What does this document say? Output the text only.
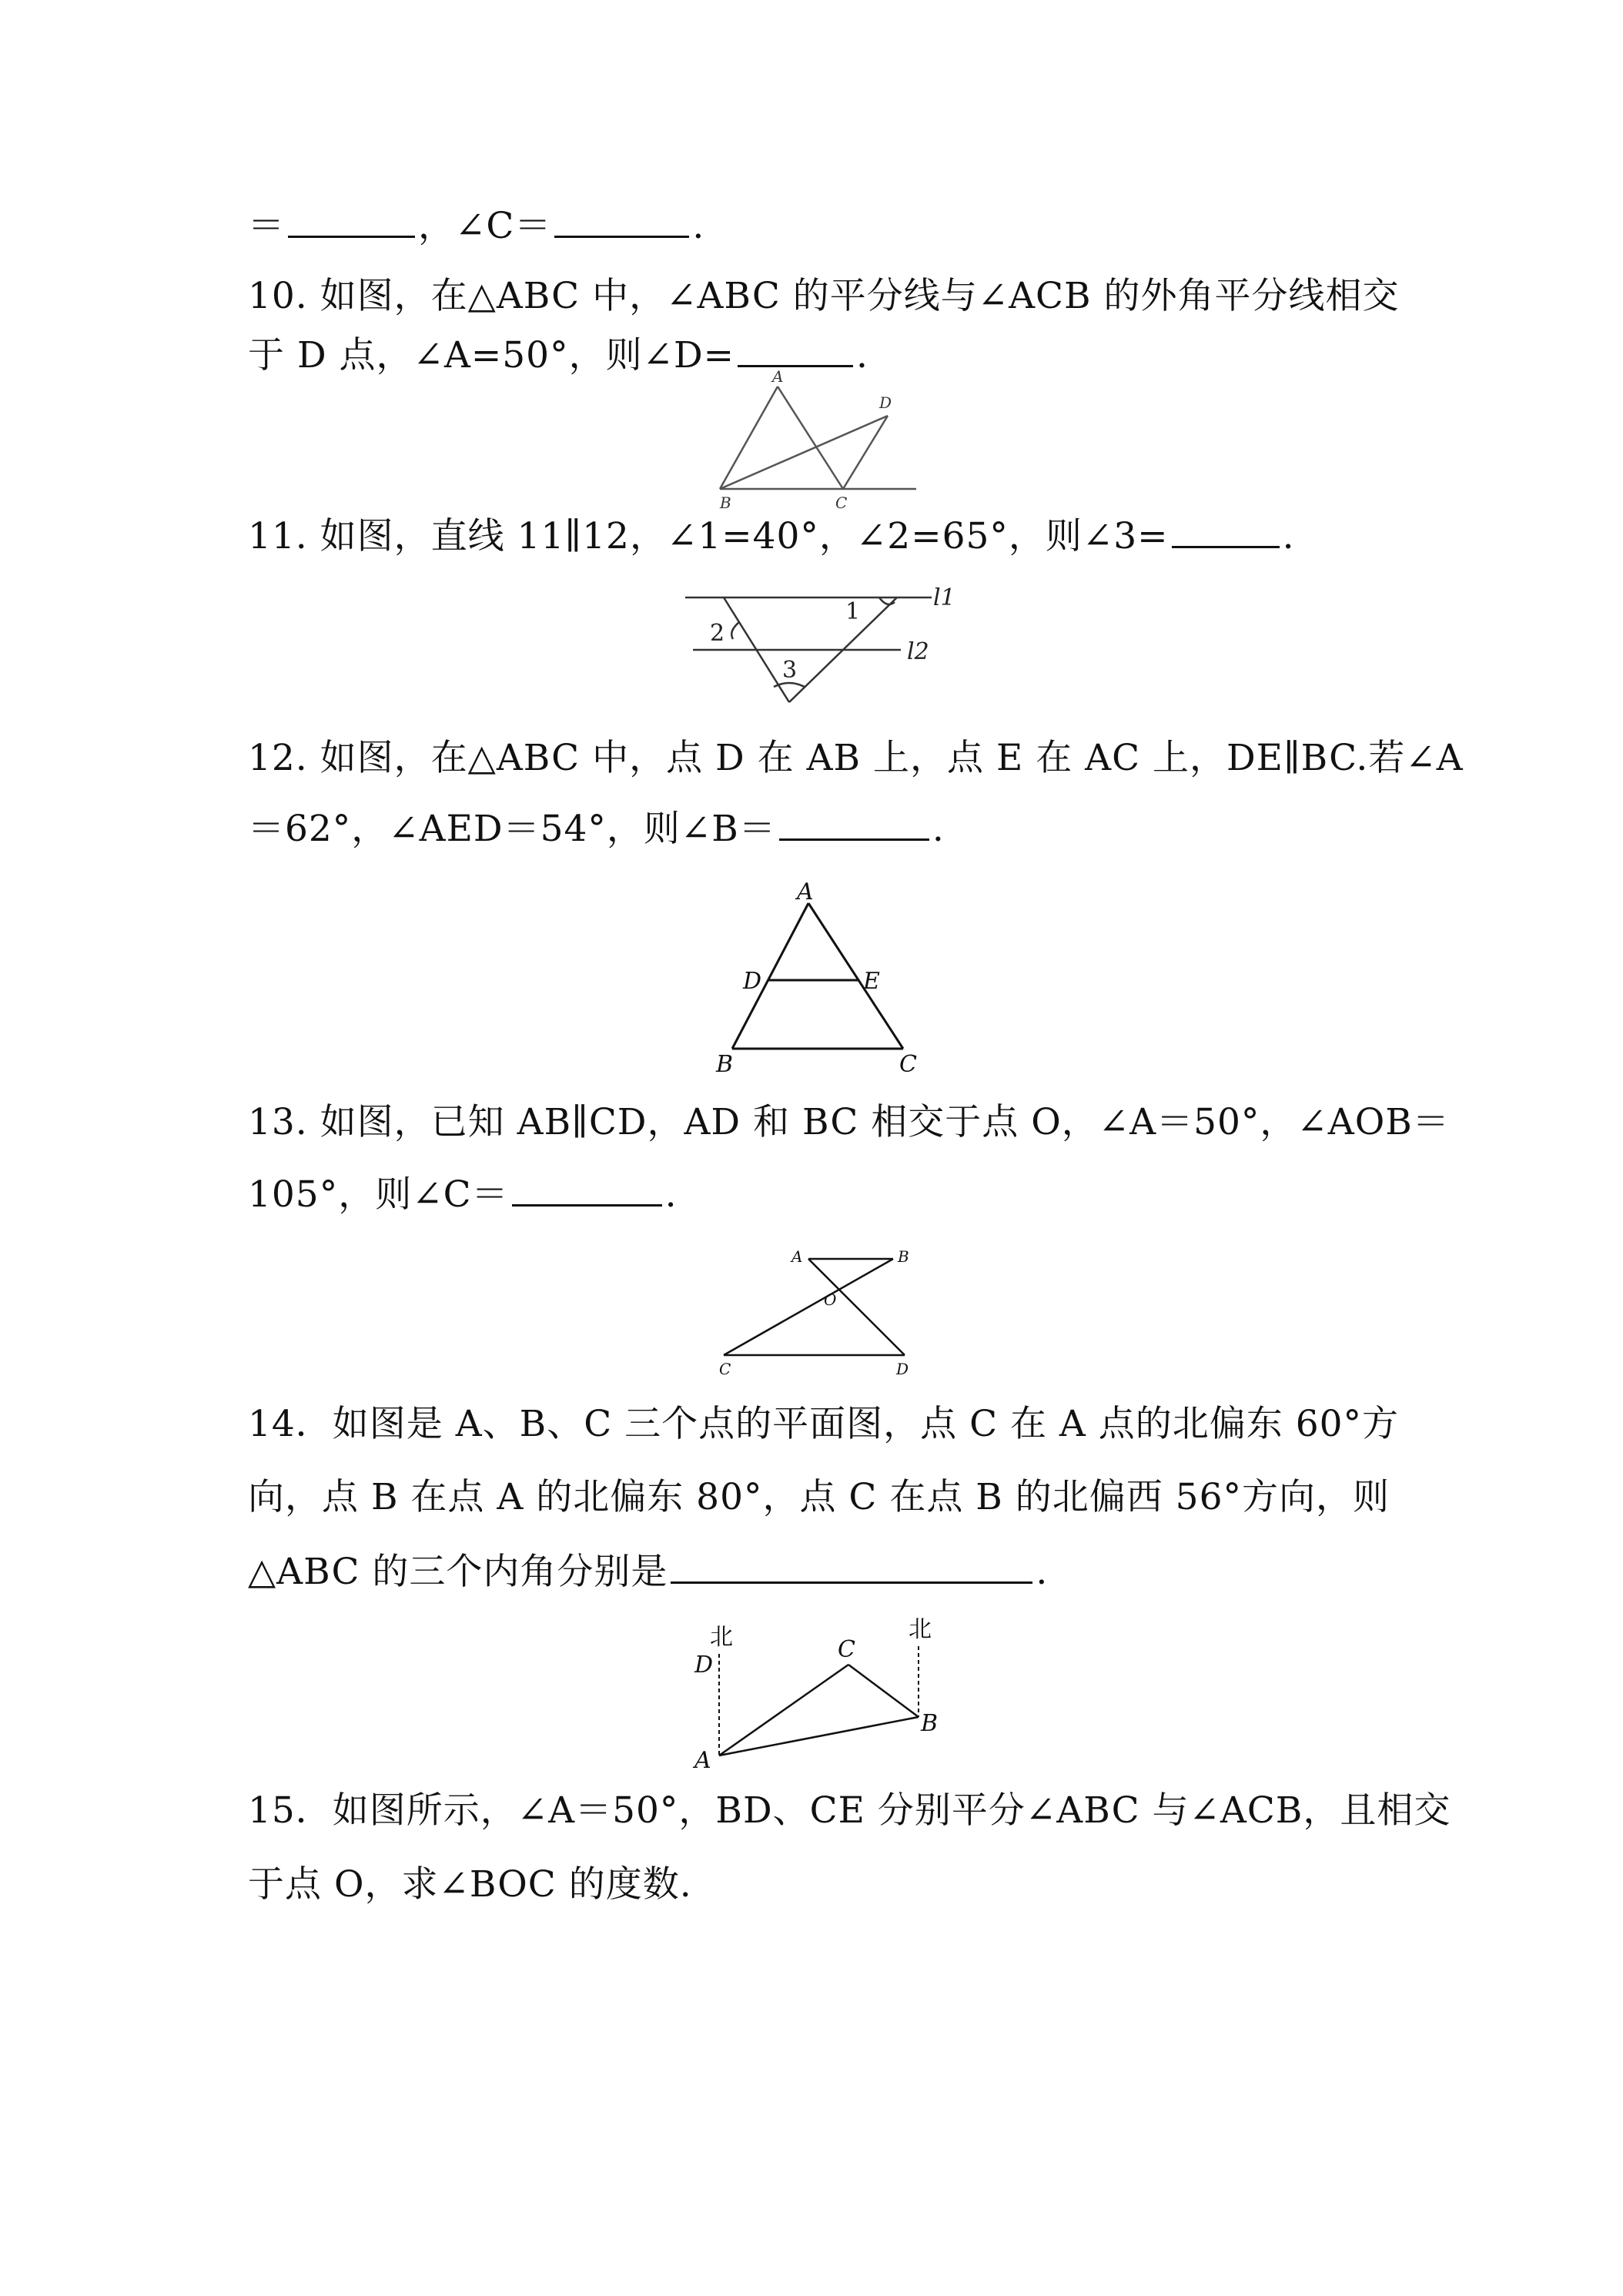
＝	，∠C＝	.
10. 如图，在△ABC 中，∠ABC 的平分线与∠ACB 的外角平分线相交
于 D 点，∠A=50°，则∠D=	.
A
B	C
D
11. 如图，直线 11∥12，∠1=40°，∠2=65°，则∠3=	.
l1
l2
1
2
3
12. 如图，在△ABC 中，点 D 在 AB 上，点 E 在 AC 上，DE∥BC.若∠A
＝62°，∠AED＝54°，则∠B＝	.
A
B	C
D	E
13. 如图，已知 AB∥CD，AD 和 BC 相交于点 O，∠A＝50°，∠AOB＝
105°，则∠C＝	.
A	B
O
C	D
14．如图是 A、B、C 三个点的平面图，点 C 在 A 点的北偏东 60°方
向，点 B 在点 A 的北偏东 80°，点 C 在点 B 的北偏西 56°方向，则
△ABC 的三个内角分别是	.
北	北
D
C
A
B
15．如图所示，∠A＝50°，BD、CE 分别平分∠ABC 与∠ACB，且相交
于点 O，求∠BOC 的度数.
